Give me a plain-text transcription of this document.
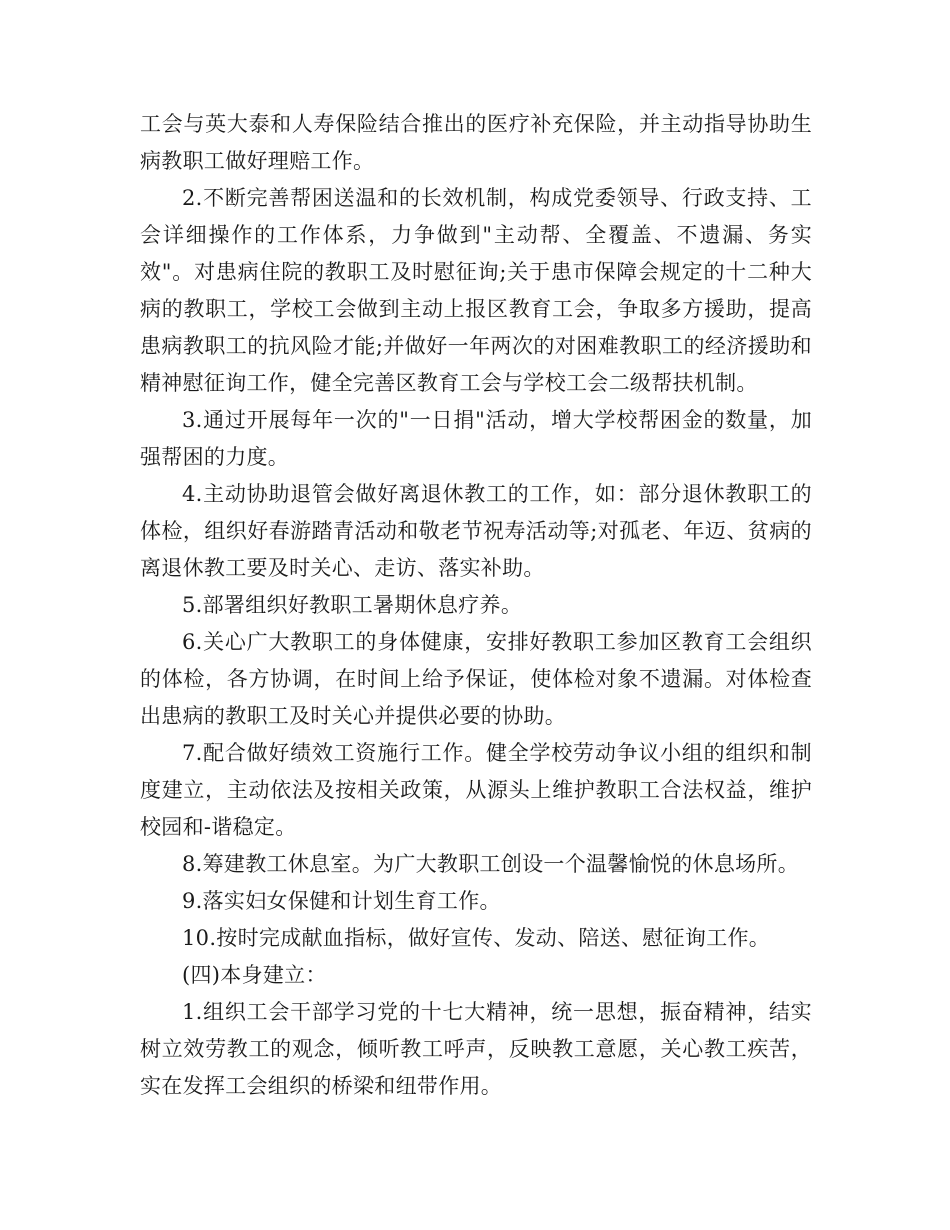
工会与英大泰和人寿保险结合推出的医疗补充保险，并主动指导协助生病教职工做好理赔工作。

2.不断完善帮困送温和的长效机制，构成党委领导、行政支持、工会详细操作的工作体系，力争做到"主动帮、全覆盖、不遗漏、务实效"。对患病住院的教职工及时慰征询;关于患市保障会规定的十二种大病的教职工，学校工会做到主动上报区教育工会，争取多方援助，提高患病教职工的抗风险才能;并做好一年两次的对困难教职工的经济援助和精神慰征询工作，健全完善区教育工会与学校工会二级帮扶机制。

3.通过开展每年一次的"一日捐"活动，增大学校帮困金的数量，加强帮困的力度。

4.主动协助退管会做好离退休教工的工作，如：部分退休教职工的体检，组织好春游踏青活动和敬老节祝寿活动等;对孤老、年迈、贫病的离退休教工要及时关心、走访、落实补助。

5.部署组织好教职工暑期休息疗养。

6.关心广大教职工的身体健康，安排好教职工参加区教育工会组织的体检，各方协调，在时间上给予保证，使体检对象不遗漏。对体检查出患病的教职工及时关心并提供必要的协助。

7.配合做好绩效工资施行工作。健全学校劳动争议小组的组织和制度建立，主动依法及按相关政策，从源头上维护教职工合法权益，维护校园和-谐稳定。

8.筹建教工休息室。为广大教职工创设一个温馨愉悦的休息场所。

9.落实妇女保健和计划生育工作。

10.按时完成献血指标，做好宣传、发动、陪送、慰征询工作。

(四)本身建立：

1.组织工会干部学习党的十七大精神，统一思想，振奋精神，结实树立效劳教工的观念，倾听教工呼声，反映教工意愿，关心教工疾苦，实在发挥工会组织的桥梁和纽带作用。
